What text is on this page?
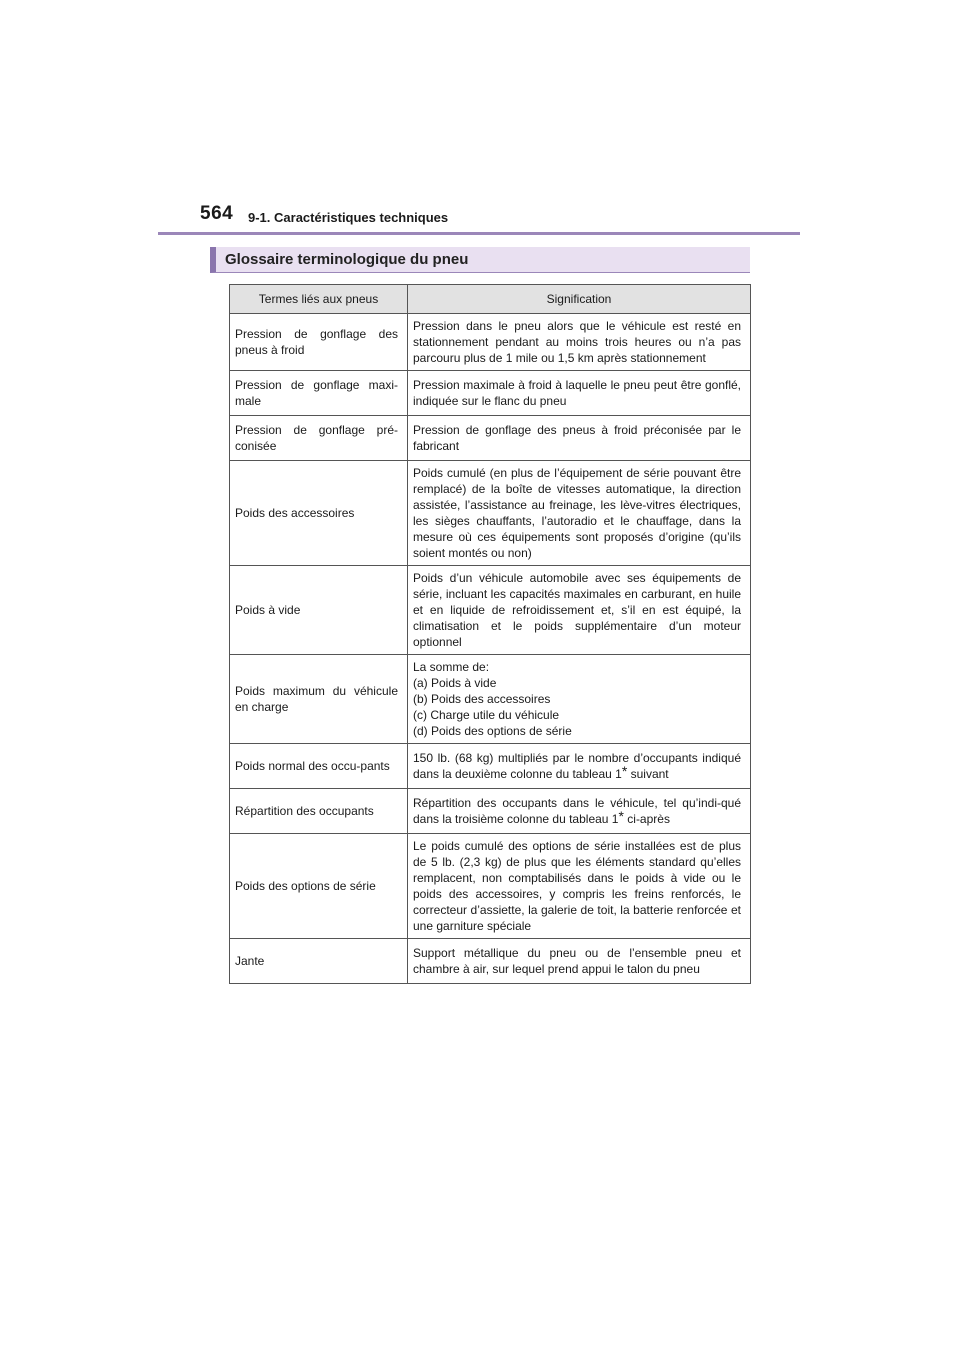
564 9-1. Caractéristiques techniques
Glossaire terminologique du pneu
Termes liés aux pneus	Signification
Pression de gonflage des pneus à froid	Pression dans le pneu alors que le véhicule est resté en stationnement pendant au moins trois heures ou n’a pas parcouru plus de 1 mile ou 1,5 km après stationnement
Pression de gonflage maxi-male	Pression maximale à froid à laquelle le pneu peut être gonflé, indiquée sur le flanc du pneu
Pression de gonflage pré-conisée	Pression de gonflage des pneus à froid préconisée par le fabricant
Poids des accessoires	Poids cumulé (en plus de l’équipement de série pouvant être remplacé) de la boîte de vitesses automatique, la direction assistée, l’assistance au freinage, les lève-vitres électriques, les sièges chauffants, l’autoradio et le chauffage, dans la mesure où ces équipements sont proposés d’origine (qu’ils soient montés ou non)
Poids à vide	Poids d’un véhicule automobile avec ses équipements de série, incluant les capacités maximales en carburant, en huile et en liquide de refroidissement et, s’il en est équipé, la climatisation et le poids supplémentaire d’un moteur optionnel
Poids maximum du véhicule en charge	La somme de:
(a) Poids à vide
(b) Poids des accessoires
(c) Charge utile du véhicule
(d) Poids des options de série
Poids normal des occu-pants	150 lb. (68 kg) multipliés par le nombre d’occupants indiqué dans la deuxième colonne du tableau 1* suivant
Répartition des occupants	Répartition des occupants dans le véhicule, tel qu’indi-qué dans la troisième colonne du tableau 1* ci-après
Poids des options de série	Le poids cumulé des options de série installées est de plus de 5 lb. (2,3 kg) de plus que les éléments standard qu’elles remplacent, non comptabilisés dans le poids à vide ou le poids des accessoires, y compris les freins renforcés, le correcteur d’assiette, la galerie de toit, la batterie renforcée et une garniture spéciale
Jante	Support métallique du pneu ou de l’ensemble pneu et chambre à air, sur lequel prend appui le talon du pneu
